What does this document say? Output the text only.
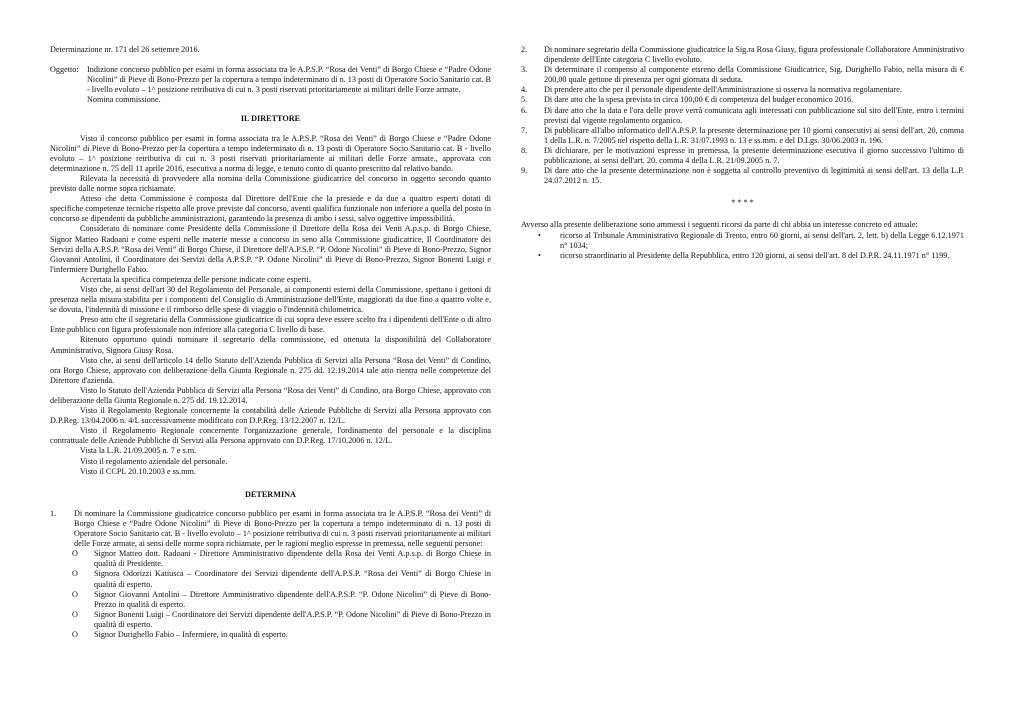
Determinazione nr. 171 del 26 settemre 2016.

Oggetto:	Indizione concorso pubblico per esami in forma associata tra le A.P.S.P. “Rosa dei Venti” di Borgo Chiese e “Padre Odone Nicolini” di Pieve di Bono-Prezzo per la copertura a tempo indeterminato di n. 13 posti di Operatore Socio Sanitario cat. B - livello evoluto – 1^ posizione retributiva di cui n. 3 posti riservati prioritariamente ai militari delle Forze armate.

Nomina commissione.

IL DIRETTORE

Visto il concorso pubblico per esami in forma associata tra le A.P.S.P. “Rosa dei Venti” di Borgo Chiese e “Padre Odone Nicolini” di Pieve di Bono-Prezzo per la copertura a tempo indeterminato di n. 13 posti di Operatore Socio Sanitario cat. B - livello evoluto – 1^ posizione retributiva di cui n. 3 posti riservati prioritariamente ai militari delle Forze armate., approvata con determinazione n. 75 dell 11 aprile 2016, esecutiva a norma di legge, e tenuto conto di quanto prescritto dal relativo bando.

Rilevata la necessità di provvedere alla nomina della Commissione giudicatrice del concorso in oggetto secondo quanto previsto dalle norme sopra richiamate.

Atteso che detta Commissione è composta dal Direttore dell'Ente che la presiede e da due a quattro esperti dotati di specifiche competenze tecniche rispetto alle prove previste dal concorso, aventi qualifica funzionale non inferiore a quella del posto in concorso se dipendenti da pubbliche amministrazioni, garantendo la presenza di ambo i sessi, salvo oggettive impossibilità.

Considerato di nominare come Presidente della Commissione il Direttore della Rosa dei Venti A.p.s.p. di Borgo Chiese, Signor Matteo Radoani e come esperti nelle materie messe a concorso in seno alla Commissione giudicatrice, Il Coordinatore dei Servizi della A.P.S.P. “Rosa dei Venti” di Borgo Chiese, il Direttore dell'A.P.S.P. “P. Odone Nicolini” di Pieve di Bono-Prezzo, Signor Giovanni Antolini, il Coordinatore dei Servizi della A.P.S.P. “P. Odone Nicolini” di Pieve di Bono-Prezzo, Signor Bonenti Luigi e l'infermiere Durighello Fabio.

Accertata la specifica competenza delle persone indicate come esperti.

Visto che, ai sensi dell'art 30 del Regolamento del Personale, ai componenti esterni della Commissione, spettano i gettoni di presenza nella misura stabilita per i componenti del Consiglio di Amministrazione dell'Ente, maggiorati da due fino a quattro volte e, se dovuta, l'indennità di missione e il rimborso delle spese di viaggio o l'indennità chilometrica.

Preso atto che il segretario della Commissione giudicatrice di cui sopra deve essere scelto fra i dipendenti dell'Ente o di altro Ente pubblico con figura professionale non inferiore alla categoria C livello di base.

Ritenuto opportuno quindi nominare il segretario della commissione, ed ottenuta la disponibilità del Collaboratore Amministrativo, Signora Giusy Rosa.

Visto che, ai sensi dell'articolo 14 dello Statuto dell'Azienda Pubblica di Servizi alla Persona “Rosa dei Venti” di Condino, ora Borgo Chiese, approvato con deliberazione della Giunta Regionale n. 275 dd. 12.19.2014 tale atto rientra nelle competenze del Direttore d'azienda.

Visto lo Statuto dell'Azienda Pubblica di Servizi alla Persona “Rosa dei Venti” di Condino, ora Borgo Chiese, approvato con deliberazione della Giunta Regionale n. 275 dd. 19.12.2014.

Visto il Regolamento Regionale concernente la contabilità delle Aziende Pubbliche di Servizi alla Persona approvato con D.P.Reg. 13/04.2006 n. 4/L successivamente modificato con D.P.Reg. 13/12.2007 n. 12/L.

Visto il Regolamento Regionale concernente l'organizzazione generale, l'ordinamento del personale e la disciplina contrattuale delle Aziende Pubbliche di Servizi alla Persona approvato con D.P.Reg. 17/10.2006 n. 12/L.

Vista la L.R. 21/09.2005 n. 7 e s.m.

Visto il regolamento aziendale del personale.

Visto il CCPL 20.10.2003 e ss.mm.

DETERMINA

1.	Di nominare la Commissione giudicatrice concorso pubblico per esami in forma associata tra le A.P.S.P. “Rosa dei Venti” di Borgo Chiese e “Padre Odone Nicolini” di Pieve di Bono-Prezzo per la copertura a tempo indeterminato di n. 13 posti di Operatore Socio Sanitario cat. B - livello evoluto – 1^ posizione retributiva di cui n. 3 posti riservati prioritariamente ai militari delle Forze armate, ai sensi delle norme sopra richiamate, per le ragioni meglio espresse in premessa, nelle seguenti persone:

O	Signor Matteo dott. Radoani - Direttore Amministrativo dipendente della Rosa dei Venti A.p.s.p. di Borgo Chiese in qualità di Presidente.

O	Signora Odorizzi Katiusca – Coordinatore dei Servizi dipendente dell'A.P.S.P. “Rosa dei Venti” di Borgo Chiese in qualità di esperto.

O	Signor Giovanni Antolini – Direttore Amministrativo dipendente dell'A.P.S.P. “P. Odone Nicolini” di Pieve di Bono-Prezzo in qualità di esperto.

O	Signor Bonenti Luigi – Coordinatore dei Servizi dipendente dell'A.P.S.P. “P. Odone Nicolini” di Pieve di Bono-Prezzo in qualità di esperto.

O	Signor Durighello Fabio – Infermiere, in qualità di esperto.

2.	Di nominare segretario della Commissione giudicatrice la Sig.ra Rosa Giusy, figura professionale Collaboratore Amministrativo dipendente dell'Ente categoria C livello evoluto.

3.	Di determinare il compenso al componente etsreno della Commissione Giudicatrice, Sig. Durighello Fabio, nella misura di € 200,00 quale gettone di presenza per ogni giornata di seduta.

4.	Di prendere atto che per il personale dipendente dell'Amministrazione si osserva la normativa regolamentare.

5.	Di dare atto che la spesa prevista in circa 100,00 € di competenza del budget economico 2016.

6.	Di dare atto che la data e l'ora delle prove verrà comunicata agli interessati con pubblicazione sul sito dell'Ente, entro i termini previsti dal vigente regolamento organico.

7.	Di pubblicare all'albo informatico dell'A.P.S.P. la presente determinazione per 10 giorni consecutivi ai sensi dell'art. 20, comma 1 della L.R. n. 7/2005 nel rispetto della L.R. 31/07.1993 n. 13 e ss.mm. e del D.Lgs. 30/06.2003 n. 196.

8.	Di dichiarare, per le motivazioni espresse in premessa, la presente determinazione esecutiva il giorno successivo l'ultimo di pubblicazione, ai sensi dell'art. 20, comma 4 della L.R. 21/09.2005 n. 7.

9.	Di dare atto che la presente determinazione non è soggetta al controllo preventivo di legittimità ai sensi dell'art. 13 della L.P. 24.07.2012 n. 15.

* * * *

Avverso alla presente deliberazione sono ammessi i seguenti ricorsi da parte di chi abbia un interesse concreto ed attuale:

•	ricorso al Tribunale Amministrativo Regionale di Trento, entro 60 giorni, ai sensi dell'art. 2, lett. b) della Legge 6.12.1971 n° 1034;

•	ricorso straordinario al Presidente della Repubblica, entro 120 giorni, ai sensi dell'art. 8 del D.P.R. 24.11.1971 n° 1199.
